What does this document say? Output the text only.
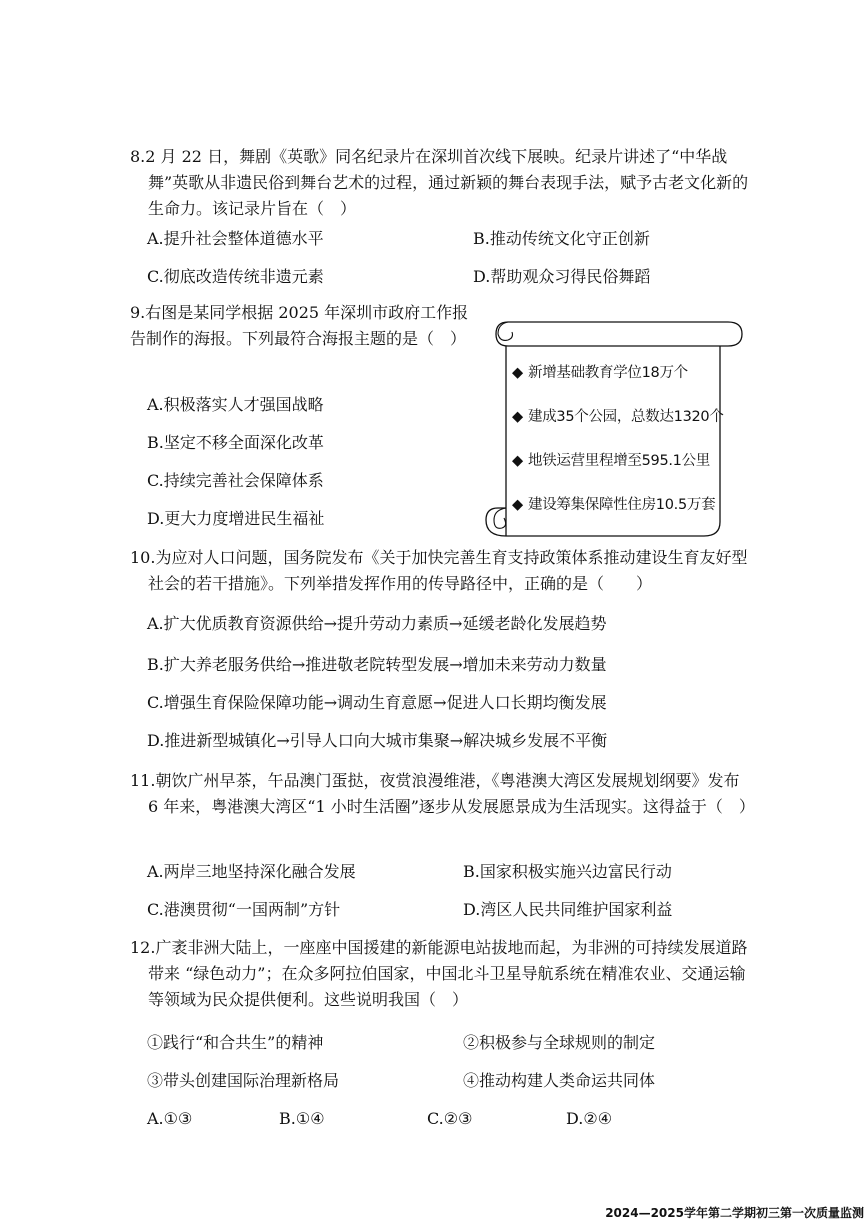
8.2 月 22 日，舞剧《英歌》同名纪录片在深圳首次线下展映。纪录片讲述了“中华战舞”英歌从非遗民俗到舞台艺术的过程，通过新颖的舞台表现手法，赋予古老文化新的生命力。该记录片旨在（　）

A.提升社会整体道德水平	B.推动传统文化守正创新
C.彻底改造传统非遗元素	D.帮助观众习得民俗舞蹈

9.右图是某同学根据 2025 年深圳市政府工作报告制作的海报。下列最符合海报主题的是（　）

A.积极落实人才强国战略
B.坚定不移全面深化改革
C.持续完善社会保障体系
D.更大力度增进民生福祉
◆ 新增基础教育学位18万个
◆ 建成35个公园，总数达1320个
◆ 地铁运营里程增至595.1公里
◆ 建设筹集保障性住房10.5万套

10.为应对人口问题，国务院发布《关于加快完善生育支持政策体系推动建设生育友好型社会的若干措施》。下列举措发挥作用的传导路径中，正确的是（　　）

A.扩大优质教育资源供给→提升劳动力素质→延缓老龄化发展趋势
B.扩大养老服务供给→推进敬老院转型发展→增加未来劳动力数量
C.增强生育保险保障功能→调动生育意愿→促进人口长期均衡发展
D.推进新型城镇化→引导人口向大城市集聚→解决城乡发展不平衡

11.朝饮广州早茶，午品澳门蛋挞，夜赏浪漫维港，《粤港澳大湾区发展规划纲要》发布 6 年来，粤港澳大湾区“1 小时生活圈”逐步从发展愿景成为生活现实。这得益于（　）

A.两岸三地坚持深化融合发展	B.国家积极实施兴边富民行动
C.港澳贯彻“一国两制”方针	D.湾区人民共同维护国家利益

12.广袤非洲大陆上，一座座中国援建的新能源电站拔地而起，为非洲的可持续发展道路带来 “绿色动力”；在众多阿拉伯国家，中国北斗卫星导航系统在精准农业、交通运输等领域为民众提供便利。这些说明我国（　）

①践行“和合共生”的精神	②积极参与全球规则的制定
③带头创建国际治理新格局	④推动构建人类命运共同体
A.①③	B.①④	C.②③	D.②④
2024—2025学年第二学期初三第一次质量监测
